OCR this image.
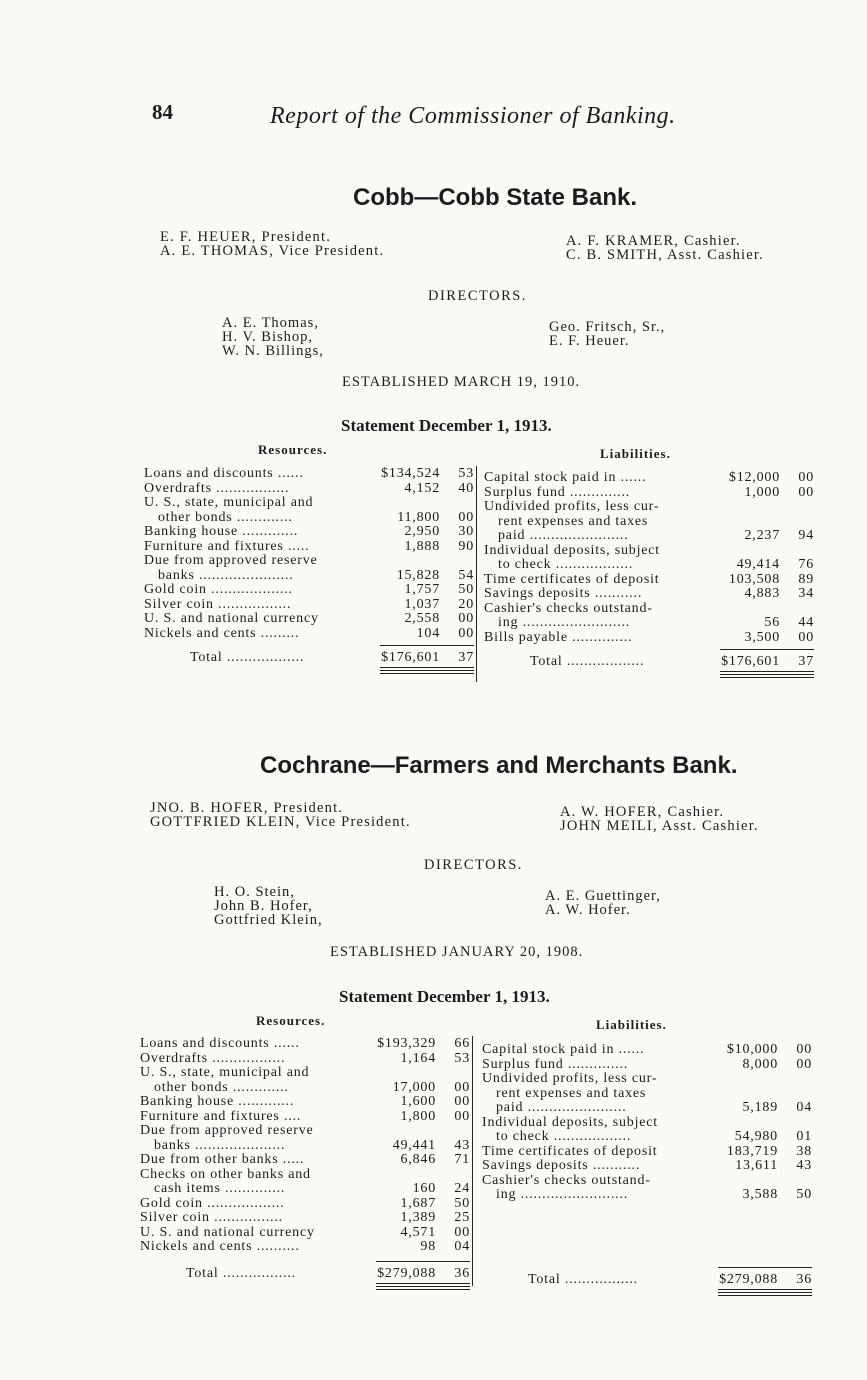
84	Report of the Commissioner of Banking.
Cobb—Cobb State Bank.
E. F. HEUER, President.
A. E. THOMAS, Vice President.
A. F. KRAMER, Cashier.
C. B. SMITH, Asst. Cashier.
DIRECTORS.
A. E. Thomas,
H. V. Bishop,
W. N. Billings,
Geo. Fritsch, Sr.,
E. F. Heuer.
ESTABLISHED MARCH 19, 1910.
Statement December 1, 1913.
Resources.	Liabilities.
Loans and discounts ......	$134,524	53
Overdrafts .................	4,152	40
U. S., state, municipal and
other bonds .............	11,800	00
Banking house .............	2,950	30
Furniture and fixtures .....	1,888	90
Due from approved reserve
banks ......................	15,828	54
Gold coin ...................	1,757	50
Silver coin .................	1,037	20
U. S. and national currency	2,558	00
Nickels and cents .........	104	00
Total ..................	$176,601	37
Capital stock paid in ......	$12,000	00
Surplus fund ..............	1,000	00
Undivided profits, less cur-
rent expenses and taxes
paid .......................	2,237	94
Individual deposits, subject
to check ..................	49,414	76
Time certificates of deposit	103,508	89
Savings deposits ...........	4,883	34
Cashier's checks outstand-
ing .........................	56	44
Bills payable ..............	3,500	00
Total ..................	$176,601	37
Cochrane—Farmers and Merchants Bank.
JNO. B. HOFER, President.
GOTTFRIED KLEIN, Vice President.
A. W. HOFER, Cashier.
JOHN MEILI, Asst. Cashier.
DIRECTORS.
H. O. Stein,
John B. Hofer,
Gottfried Klein,
A. E. Guettinger,
A. W. Hofer.
ESTABLISHED JANUARY 20, 1908.
Statement December 1, 1913.
Resources.	Liabilities.
Loans and discounts ......	$193,329	66
Overdrafts .................	1,164	53
U. S., state, municipal and
other bonds .............	17,000	00
Banking house .............	1,600	00
Furniture and fixtures ....	1,800	00
Due from approved reserve
banks .....................	49,441	43
Due from other banks .....	6,846	71
Checks on other banks and
cash items ..............	160	24
Gold coin ..................	1,687	50
Silver coin ................	1,389	25
U. S. and national currency	4,571	00
Nickels and cents ..........	98	04
Total .................	$279,088	36
Capital stock paid in ......	$10,000	00
Surplus fund ..............	8,000	00
Undivided profits, less cur-
rent expenses and taxes
paid .......................	5,189	04
Individual deposits, subject
to check ..................	54,980	01
Time certificates of deposit	183,719	38
Savings deposits ...........	13,611	43
Cashier's checks outstand-
ing .........................	3,588	50
Total .................	$279,088	36
